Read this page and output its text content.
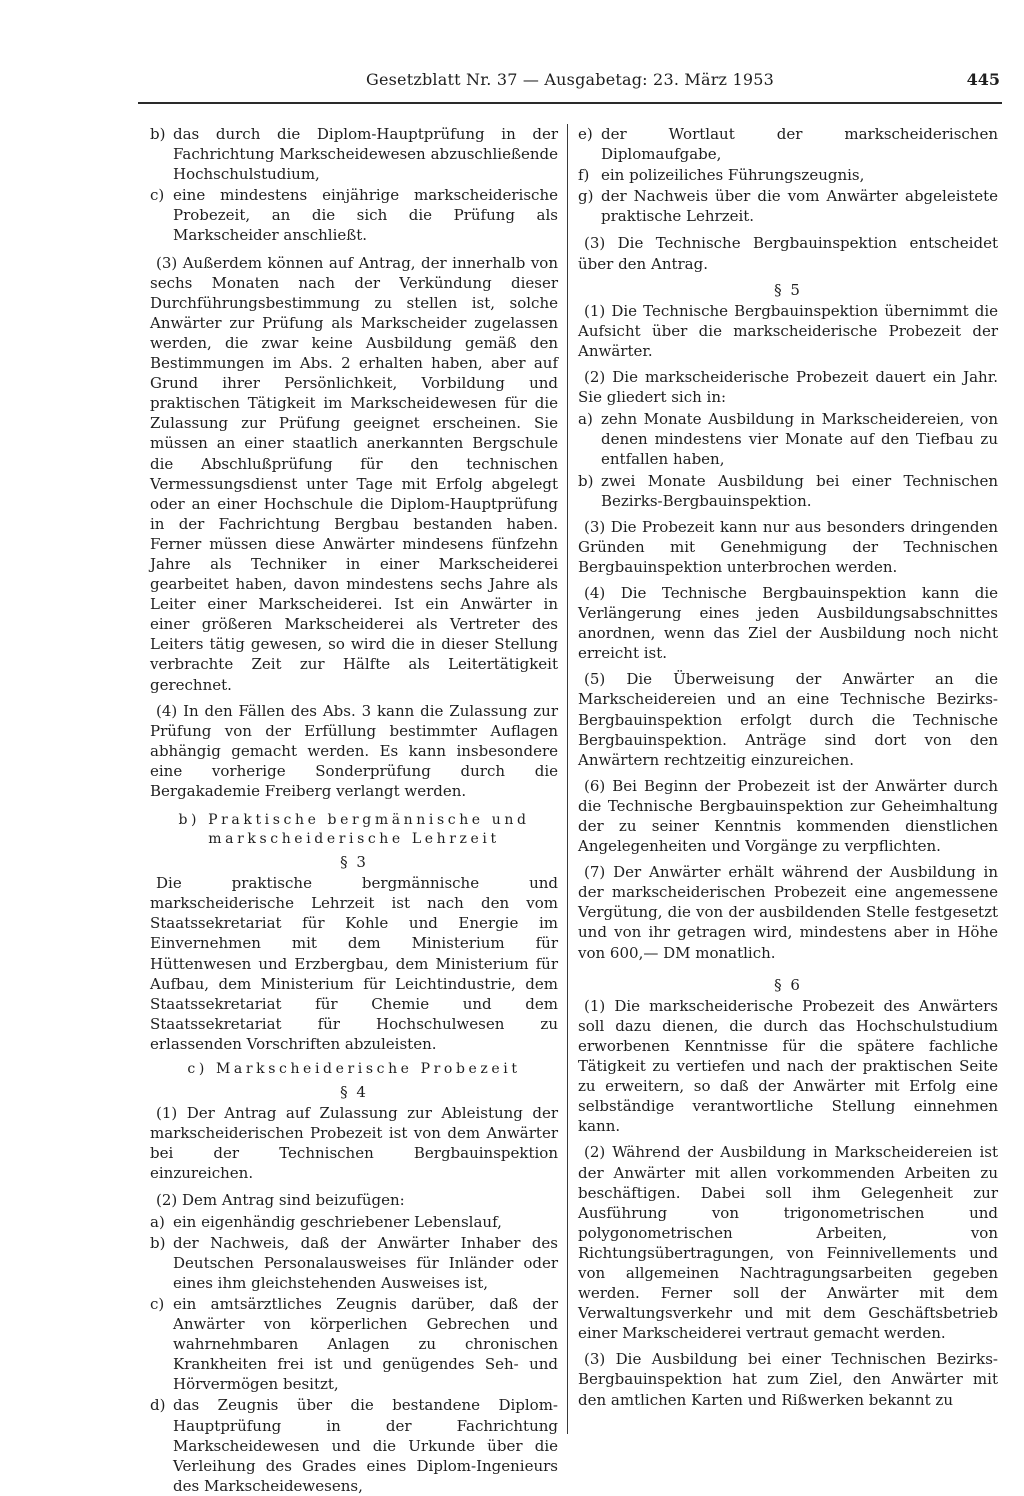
Gesetzblatt Nr. 37 — Ausgabetag: 23. März 1953	445
b) das durch die Diplom-Hauptprüfung in der Fachrichtung Markscheidewesen abzuschließende Hochschulstudium,
c) eine mindestens einjährige markscheiderische Probezeit, an die sich die Prüfung als Markscheider anschließt.

(3) Außerdem können auf Antrag, der innerhalb von sechs Monaten nach der Verkündung dieser Durchführungsbestimmung zu stellen ist, solche Anwärter zur Prüfung als Markscheider zugelassen werden, die zwar keine Ausbildung gemäß den Bestimmungen im Abs. 2 erhalten haben, aber auf Grund ihrer Persönlichkeit, Vorbildung und praktischen Tätigkeit im Markscheidewesen für die Zulassung zur Prüfung geeignet erscheinen. Sie müssen an einer staatlich anerkannten Bergschule die Abschlußprüfung für den technischen Vermessungsdienst unter Tage mit Erfolg abgelegt oder an einer Hochschule die Diplom-Hauptprüfung in der Fachrichtung Bergbau bestanden haben. Ferner müssen diese Anwärter mindesens fünfzehn Jahre als Techniker in einer Markscheiderei gearbeitet haben, davon mindestens sechs Jahre als Leiter einer Markscheiderei. Ist ein Anwärter in einer größeren Markscheiderei als Vertreter des Leiters tätig gewesen, so wird die in dieser Stellung verbrachte Zeit zur Hälfte als Leitertätigkeit gerechnet.

(4) In den Fällen des Abs. 3 kann die Zulassung zur Prüfung von der Erfüllung bestimmter Auflagen abhängig gemacht werden. Es kann insbesondere eine vorherige Sonderprüfung durch die Bergakademie Freiberg verlangt werden.

b) Praktische bergmännische und
markscheiderische Lehrzeit
§ 3

Die praktische bergmännische und markscheiderische Lehrzeit ist nach den vom Staatssekretariat für Kohle und Energie im Einvernehmen mit dem Ministerium für Hüttenwesen und Erzbergbau, dem Ministerium für Aufbau, dem Ministerium für Leichtindustrie, dem Staatssekretariat für Chemie und dem Staatssekretariat für Hochschulwesen zu erlassenden Vorschriften abzuleisten.

c) Markscheiderische Probezeit
§ 4

(1) Der Antrag auf Zulassung zur Ableistung der markscheiderischen Probezeit ist von dem Anwärter bei der Technischen Bergbauinspektion einzureichen.

(2) Dem Antrag sind beizufügen:

a) ein eigenhändig geschriebener Lebenslauf,
b) der Nachweis, daß der Anwärter Inhaber des Deutschen Personalausweises für Inländer oder eines ihm gleichstehenden Ausweises ist,
c) ein amtsärztliches Zeugnis darüber, daß der Anwärter von körperlichen Gebrechen und wahrnehmbaren Anlagen zu chronischen Krankheiten frei ist und genügendes Seh- und Hörvermögen besitzt,
d) das Zeugnis über die bestandene Diplom-Hauptprüfung in der Fachrichtung Markscheidewesen und die Urkunde über die Verleihung des Grades eines Diplom-Ingenieurs des Markscheidewesens,
e) der Wortlaut der markscheiderischen Diplomaufgabe,
f) ein polizeiliches Führungszeugnis,
g) der Nachweis über die vom Anwärter abgeleistete praktische Lehrzeit.

(3) Die Technische Bergbauinspektion entscheidet über den Antrag.

§ 5

(1) Die Technische Bergbauinspektion übernimmt die Aufsicht über die markscheiderische Probezeit der Anwärter.

(2) Die markscheiderische Probezeit dauert ein Jahr. Sie gliedert sich in:

a) zehn Monate Ausbildung in Markscheidereien, von denen mindestens vier Monate auf den Tiefbau zu entfallen haben,
b) zwei Monate Ausbildung bei einer Technischen Bezirks-Bergbauinspektion.

(3) Die Probezeit kann nur aus besonders dringenden Gründen mit Genehmigung der Technischen Bergbauinspektion unterbrochen werden.

(4) Die Technische Bergbauinspektion kann die Verlängerung eines jeden Ausbildungsabschnittes anordnen, wenn das Ziel der Ausbildung noch nicht erreicht ist.

(5) Die Überweisung der Anwärter an die Markscheidereien und an eine Technische Bezirks-Bergbauinspektion erfolgt durch die Technische Bergbauinspektion. Anträge sind dort von den Anwärtern rechtzeitig einzureichen.

(6) Bei Beginn der Probezeit ist der Anwärter durch die Technische Bergbauinspektion zur Geheimhaltung der zu seiner Kenntnis kommenden dienstlichen Angelegenheiten und Vorgänge zu verpflichten.

(7) Der Anwärter erhält während der Ausbildung in der markscheiderischen Probezeit eine angemessene Vergütung, die von der ausbildenden Stelle festgesetzt und von ihr getragen wird, mindestens aber in Höhe von 600,— DM monatlich.

§ 6

(1) Die markscheiderische Probezeit des Anwärters soll dazu dienen, die durch das Hochschulstudium erworbenen Kenntnisse für die spätere fachliche Tätigkeit zu vertiefen und nach der praktischen Seite zu erweitern, so daß der Anwärter mit Erfolg eine selbständige verantwortliche Stellung einnehmen kann.

(2) Während der Ausbildung in Markscheidereien ist der Anwärter mit allen vorkommenden Arbeiten zu beschäftigen. Dabei soll ihm Gelegenheit zur Ausführung von trigonometrischen und polygonometrischen Arbeiten, von Richtungsübertragungen, von Feinnivellements und von allgemeinen Nachtragungsarbeiten gegeben werden. Ferner soll der Anwärter mit dem Verwaltungsverkehr und mit dem Geschäftsbetrieb einer Markscheiderei vertraut gemacht werden.

(3) Die Ausbildung bei einer Technischen Bezirks-Bergbauinspektion hat zum Ziel, den Anwärter mit den amtlichen Karten und Rißwerken bekannt zu
